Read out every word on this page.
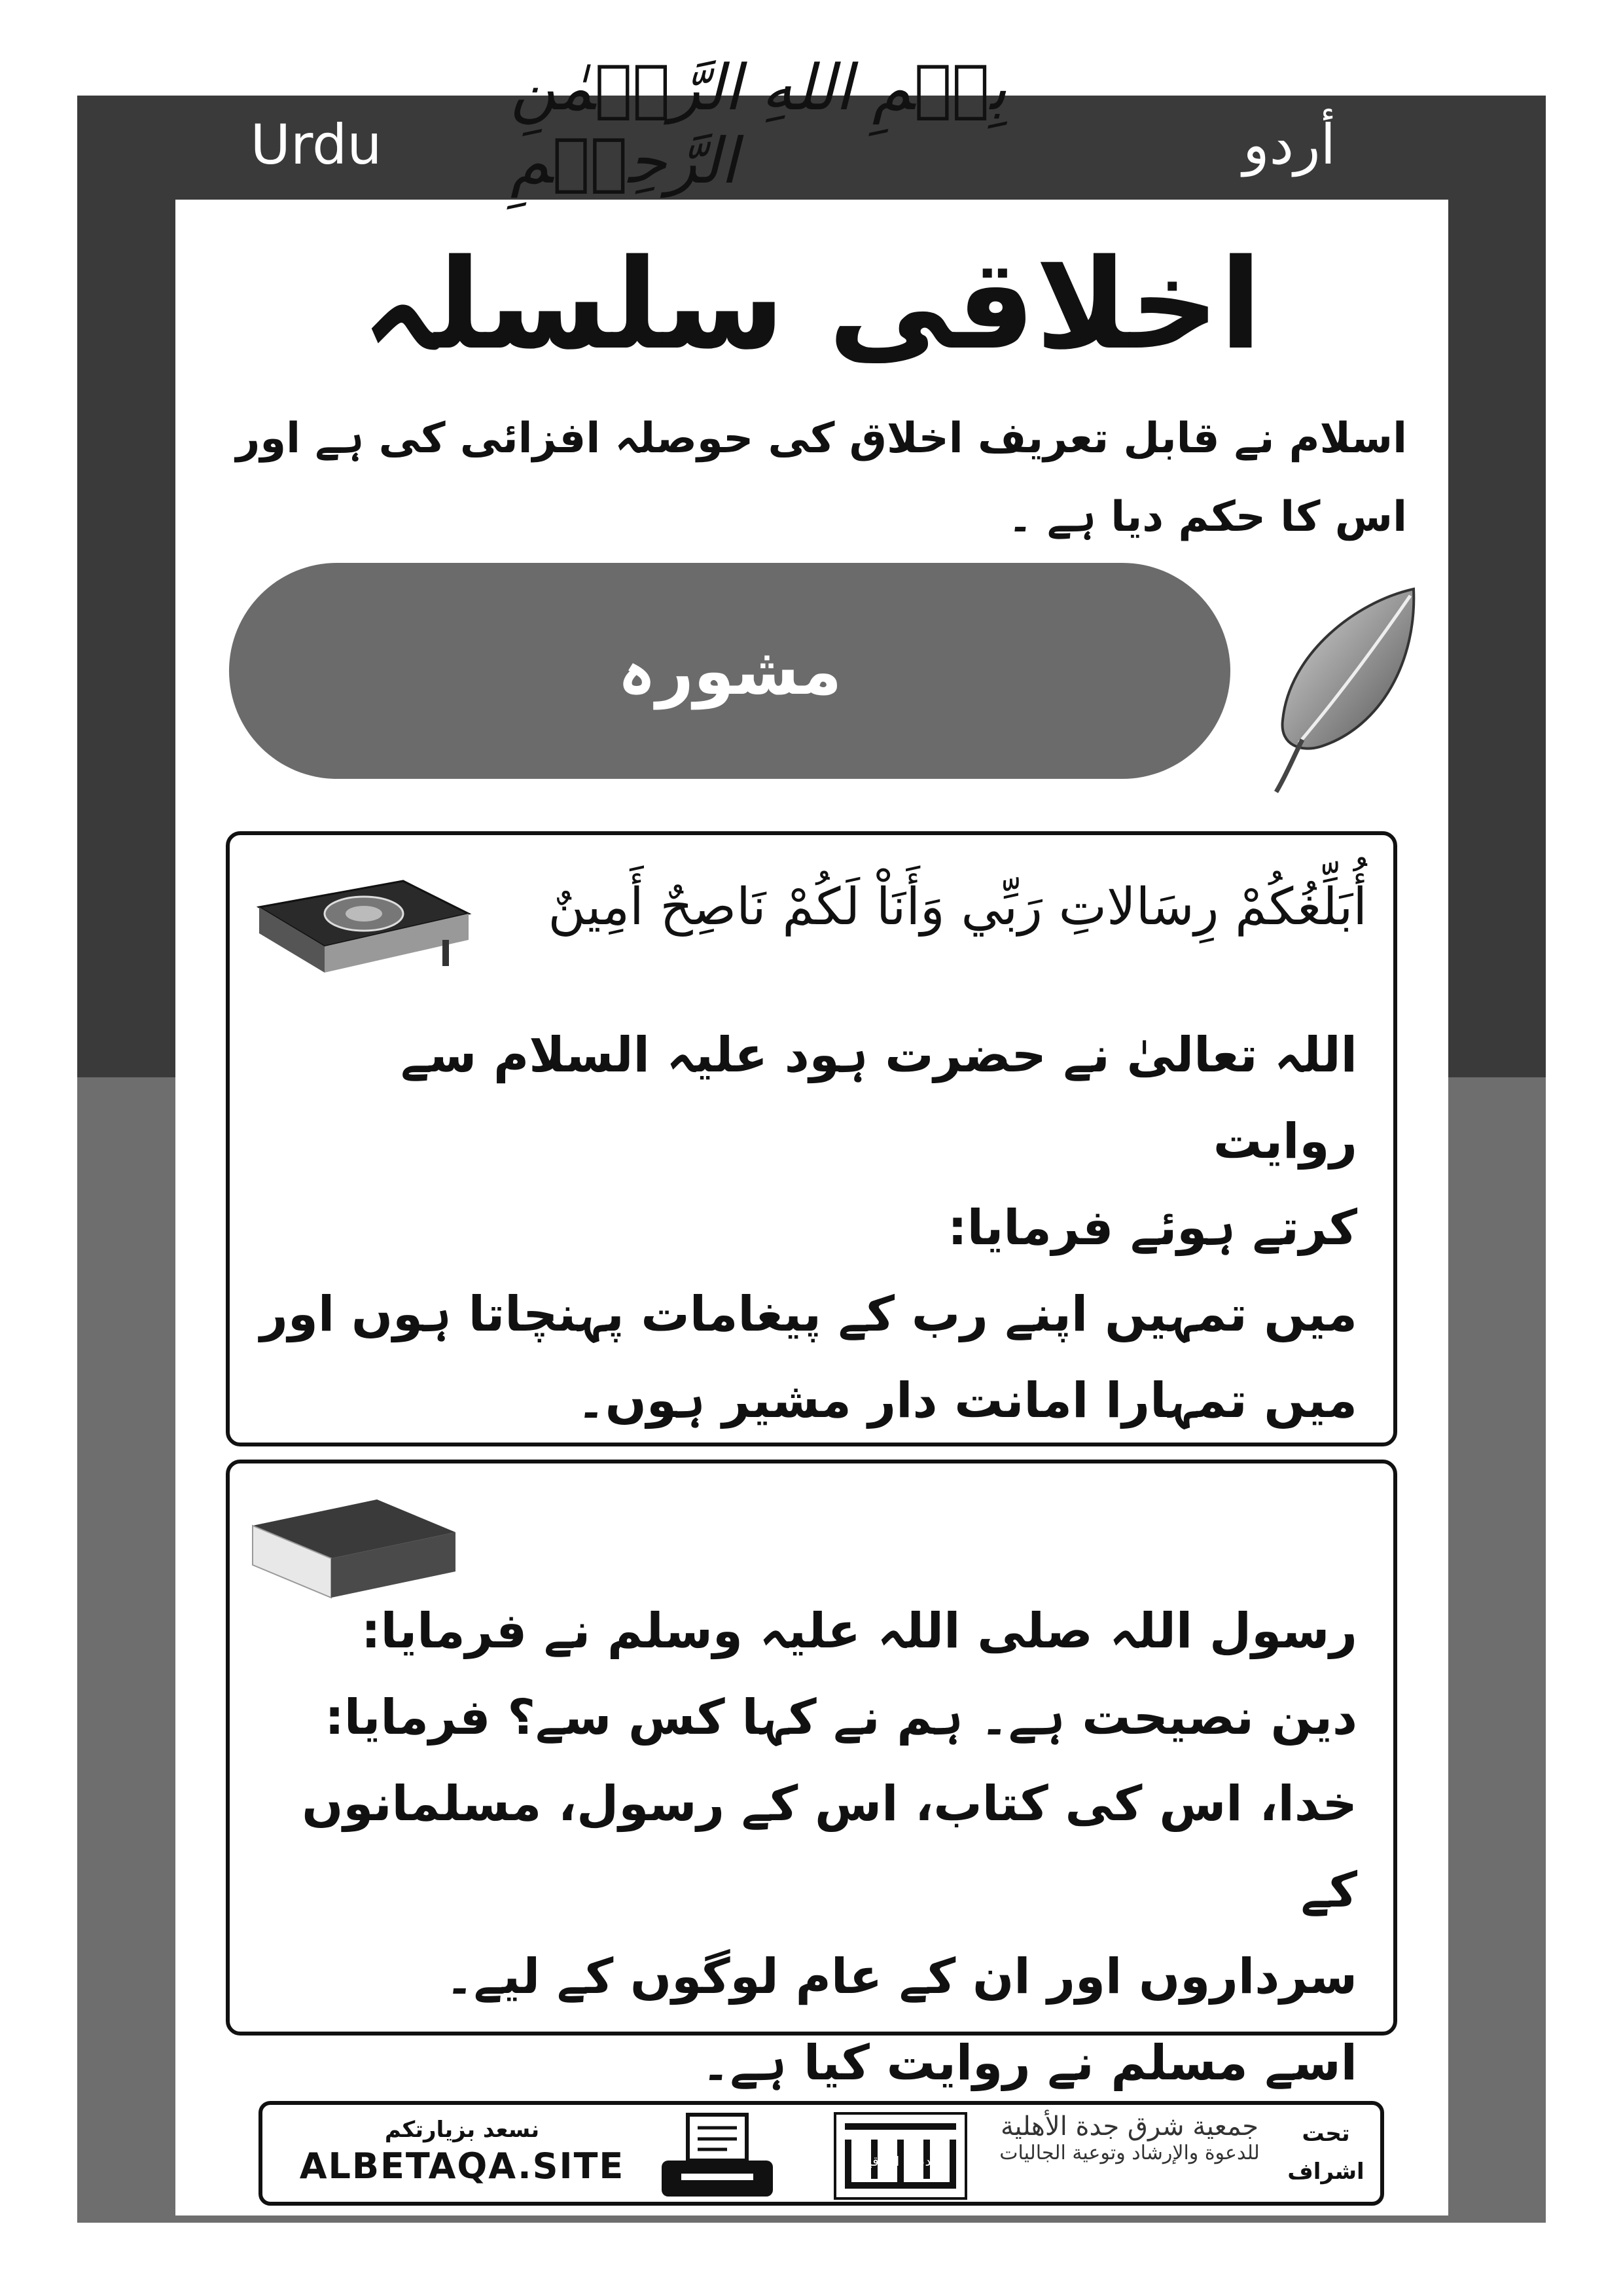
Urdu	أردو
بِسۡمِ اللهِ الرَّحۡمٰنِ الرَّحِيۡمِ
اخلاقی سلسلہ
اسلام نے قابل تعریف اخلاق کی حوصلہ افزائی کی ہے اور اس کا حکم دیا ہے ۔
مشورہ
أُبَلِّغُكُمْ رِسَالاتِ رَبِّي وَأَنَاْ لَكُمْ نَاصِحٌ أَمِينٌ
اللہ تعالیٰ نے حضرت ہود علیہ السلام سے روایت
کرتے ہوئے فرمایا:
میں تمہیں اپنے رب کے پیغامات پہنچاتا ہوں اور
میں تمہارا امانت دار مشیر ہوں۔
رسول اللہ صلی اللہ علیہ وسلم نے فرمایا:
دین نصیحت ہے۔ ہم نے کہا کس سے؟ فرمایا:
خدا، اس کی کتاب، اس کے رسول، مسلمانوں کے
سرداروں اور ان کے عام لوگوں کے لیے۔
اسے مسلم نے روایت کیا ہے۔
نسعد بزیارتکم
ALBETAQA.SITE	الدعوة الورقية
جمعية شرق جدة الأهلية
للدعوة والإرشاد وتوعية الجاليات
تحت
اشراف
